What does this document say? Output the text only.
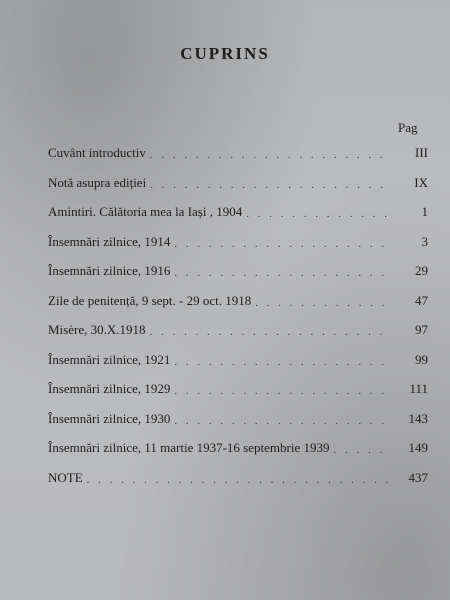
CUPRINS
Pag
Cuvânt introductiv . . .	III
Notă asupra ediției . . .	IX
Amintiri. Călătoria mea la Iași , 1904 . . .	1
Însemnări zilnice, 1914 . . .	3
Însemnări zilnice, 1916 . . .	29
Zile de penitență, 9 sept. - 29 oct. 1918 . . .	47
Misère, 30.X.1918 . . .	97
Însemnări zilnice, 1921 . . .	99
Însemnări zilnice, 1929 . . .	111
Însemnări zilnice, 1930 . . .	143
Însemnări zilnice, 11 martie 1937-16 septembrie 1939 . . .	149
NOTE . . .	437
